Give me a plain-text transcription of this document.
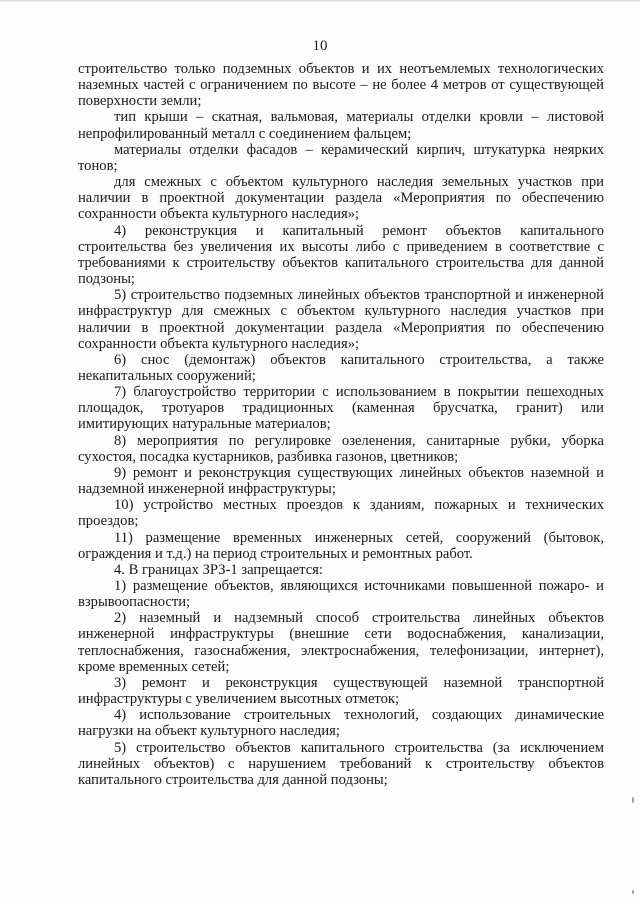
10

строительство только подземных объектов и их неотъемлемых технологических наземных частей с ограничением по высоте – не более 4 метров от существующей поверхности земли;

тип крыши – скатная, вальмовая, материалы отделки кровли – листовой непрофилированный металл с соединением фальцем;

материалы отделки фасадов – керамический кирпич, штукатурка неярких тонов;

для смежных с объектом культурного наследия земельных участков при наличии в проектной документации раздела «Мероприятия по обеспечению сохранности объекта культурного наследия»;

4) реконструкция и капитальный ремонт объектов капитального строительства без увеличения их высоты либо с приведением в соответствие с требованиями к строительству объектов капитального строительства для данной подзоны;

5) строительство подземных линейных объектов транспортной и инженерной инфраструктур для смежных с объектом культурного наследия участков при наличии в проектной документации раздела «Мероприятия по обеспечению сохранности объекта культурного наследия»;

6) снос (демонтаж) объектов капитального строительства, а также некапитальных сооружений;

7) благоустройство территории с использованием в покрытии пешеходных площадок, тротуаров традиционных (каменная брусчатка, гранит) или имитирующих натуральные материалов;

8) мероприятия по регулировке озеленения, санитарные рубки, уборка сухостоя, посадка кустарников, разбивка газонов, цветников;

9) ремонт и реконструкция существующих линейных объектов наземной и надземной инженерной инфраструктуры;

10) устройство местных проездов к зданиям, пожарных и технических проездов;

11) размещение временных инженерных сетей, сооружений (бытовок, ограждения и т.д.) на период строительных и ремонтных работ.

4. В границах ЗРЗ-1 запрещается:

1) размещение объектов, являющихся источниками повышенной пожаро- и взрывоопасности;

2) наземный и надземный способ строительства линейных объектов инженерной инфраструктуры (внешние сети водоснабжения, канализации, теплоснабжения, газоснабжения, электроснабжения, телефонизации, интернет), кроме временных сетей;

3) ремонт и реконструкция существующей наземной транспортной инфраструктуры с увеличением высотных отметок;

4) использование строительных технологий, создающих динамические нагрузки на объект культурного наследия;

5) строительство объектов капитального строительства (за исключением линейных объектов) с нарушением требований к строительству объектов капитального строительства для данной подзоны;
